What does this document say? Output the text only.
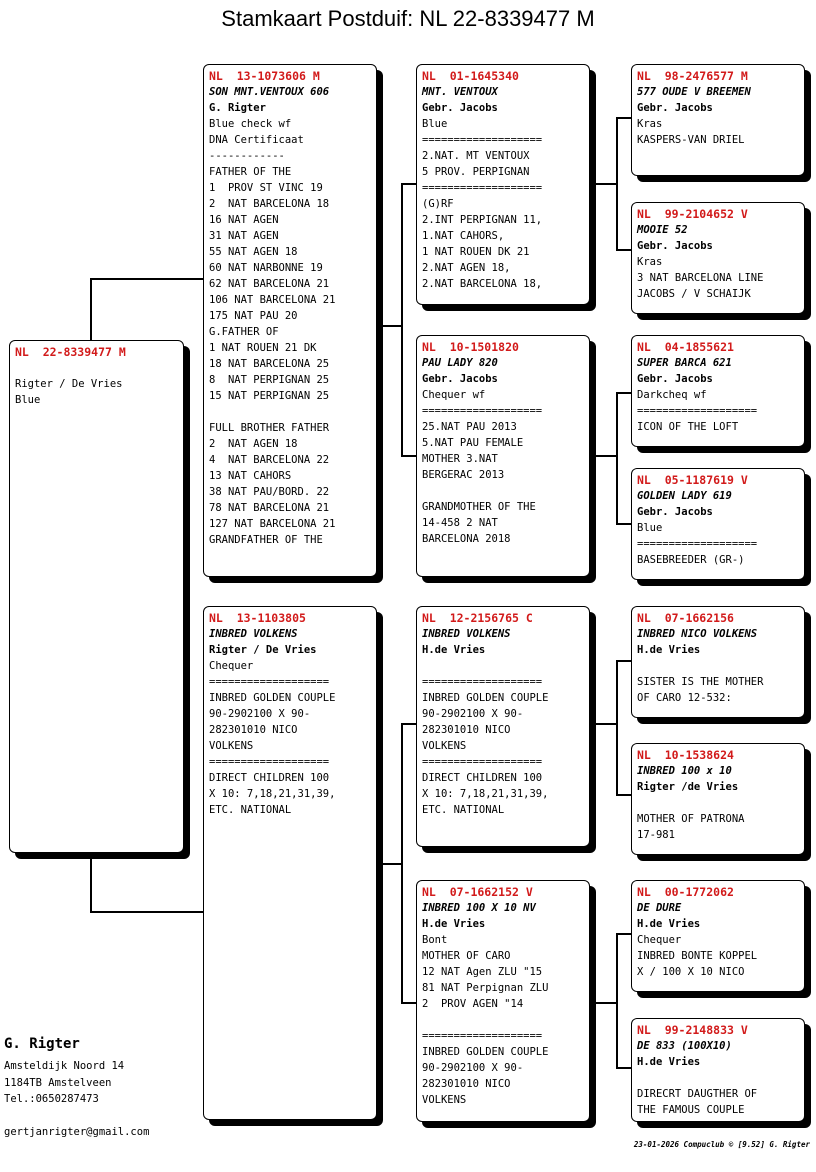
Stamkaart Postduif: NL 22-8339477 M
NL  22-8339477 M
Rigter / De Vries
Blue
NL  13-1073606 M
SON MNT.VENTOUX 606
G. Rigter
Blue check wf
DNA Certificaat
------------
FATHER OF THE
1  PROV ST VINC 19
2  NAT BARCELONA 18
16 NAT AGEN
31 NAT AGEN
55 NAT AGEN 18
60 NAT NARBONNE 19
62 NAT BARCELONA 21
106 NAT BARCELONA 21
175 NAT PAU 20
G.FATHER OF
1 NAT ROUEN 21 DK
18 NAT BARCELONA 25
8  NAT PERPIGNAN 25
15 NAT PERPIGNAN 25
FULL BROTHER FATHER
2  NAT AGEN 18
4  NAT BARCELONA 22
13 NAT CAHORS
38 NAT PAU/BORD. 22
78 NAT BARCELONA 21
127 NAT BARCELONA 21
GRANDFATHER OF THE
NL  13-1103805
INBRED VOLKENS
Rigter / De Vries
Chequer
===================
INBRED GOLDEN COUPLE
90-2902100 X 90-
282301010 NICO
VOLKENS
===================
DIRECT CHILDREN 100
X 10: 7,18,21,31,39,
ETC. NATIONAL
NL  01-1645340
MNT. VENTOUX
Gebr. Jacobs
Blue
===================
2.NAT. MT VENTOUX
5 PROV. PERPIGNAN
===================
(G)RF
2.INT PERPIGNAN 11,
1.NAT CAHORS,
1 NAT ROUEN DK 21
2.NAT AGEN 18,
2.NAT BARCELONA 18,
NL  10-1501820
PAU LADY 820
Gebr. Jacobs
Chequer wf
===================
25.NAT PAU 2013
5.NAT PAU FEMALE
MOTHER 3.NAT
BERGERAC 2013
GRANDMOTHER OF THE
14-458 2 NAT
BARCELONA 2018
NL  12-2156765 C
INBRED VOLKENS
H.de Vries
===================
INBRED GOLDEN COUPLE
90-2902100 X 90-
282301010 NICO
VOLKENS
===================
DIRECT CHILDREN 100
X 10: 7,18,21,31,39,
ETC. NATIONAL
NL  07-1662152 V
INBRED 100 X 10 NV
H.de Vries
Bont
MOTHER OF CARO
12 NAT Agen ZLU "15
81 NAT Perpignan ZLU
2  PROV AGEN "14
===================
INBRED GOLDEN COUPLE
90-2902100 X 90-
282301010 NICO
VOLKENS
NL  98-2476577 M
577 OUDE V BREEMEN
Gebr. Jacobs
Kras
KASPERS-VAN DRIEL
NL  99-2104652 V
MOOIE 52
Gebr. Jacobs
Kras
3 NAT BARCELONA LINE
JACOBS / V SCHAIJK
NL  04-1855621
SUPER BARCA 621
Gebr. Jacobs
Darkcheq wf
===================
ICON OF THE LOFT
NL  05-1187619 V
GOLDEN LADY 619
Gebr. Jacobs
Blue
===================
BASEBREEDER (GR-)
NL  07-1662156
INBRED NICO VOLKENS
H.de Vries
SISTER IS THE MOTHER
OF CARO 12-532:
NL  10-1538624
INBRED 100 x 10
Rigter /de Vries
MOTHER OF PATRONA
17-981
NL  00-1772062
DE DURE
H.de Vries
Chequer
INBRED BONTE KOPPEL
X / 100 X 10 NICO
NL  99-2148833 V
DE 833 (100X10)
H.de Vries
DIRECRT DAUGTHER OF
THE FAMOUS COUPLE
G. Rigter
Amsteldijk Noord 14
1184TB Amstelveen
Tel.:0650287473
gertjanrigter@gmail.com
23-01-2026 Compuclub © [9.52] G. Rigter
